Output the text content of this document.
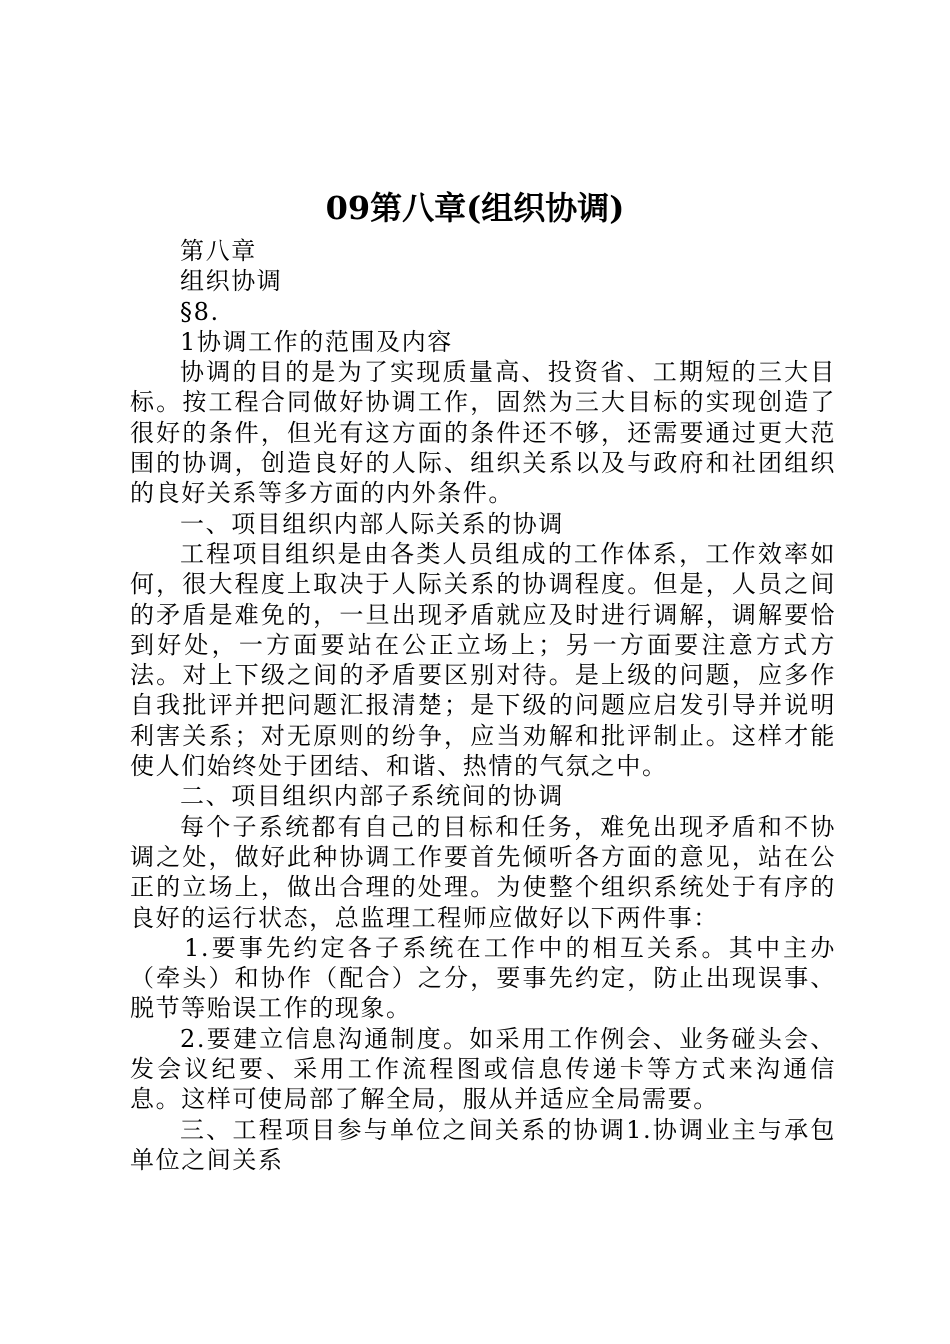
09第八章(组织协调)

第八章

组织协调

§8.

1协调工作的范围及内容

协调的目的是为了实现质量高、投资省、工期短的三大目标。按工程合同做好协调工作，固然为三大目标的实现创造了很好的条件，但光有这方面的条件还不够，还需要通过更大范围的协调，创造良好的人际、组织关系以及与政府和社团组织的良好关系等多方面的内外条件。

一、项目组织内部人际关系的协调

工程项目组织是由各类人员组成的工作体系，工作效率如何，很大程度上取决于人际关系的协调程度。但是，人员之间的矛盾是难免的，一旦出现矛盾就应及时进行调解，调解要恰到好处，一方面要站在公正立场上；另一方面要注意方式方法。对上下级之间的矛盾要区别对待。是上级的问题，应多作自我批评并把问题汇报清楚；是下级的问题应启发引导并说明利害关系；对无原则的纷争，应当劝解和批评制止。这样才能使人们始终处于团结、和谐、热情的气氛之中。

二、项目组织内部子系统间的协调

每个子系统都有自己的目标和任务，难免出现矛盾和不协调之处，做好此种协调工作要首先倾听各方面的意见，站在公正的立场上，做出合理的处理。为使整个组织系统处于有序的良好的运行状态，总监理工程师应做好以下两件事：

1.要事先约定各子系统在工作中的相互关系。其中主办（牵头）和协作（配合）之分，要事先约定，防止出现误事、脱节等贻误工作的现象。

2.要建立信息沟通制度。如采用工作例会、业务碰头会、发会议纪要、采用工作流程图或信息传递卡等方式来沟通信息。这样可使局部了解全局，服从并适应全局需要。

三、工程项目参与单位之间关系的协调1.协调业主与承包单位之间关系
